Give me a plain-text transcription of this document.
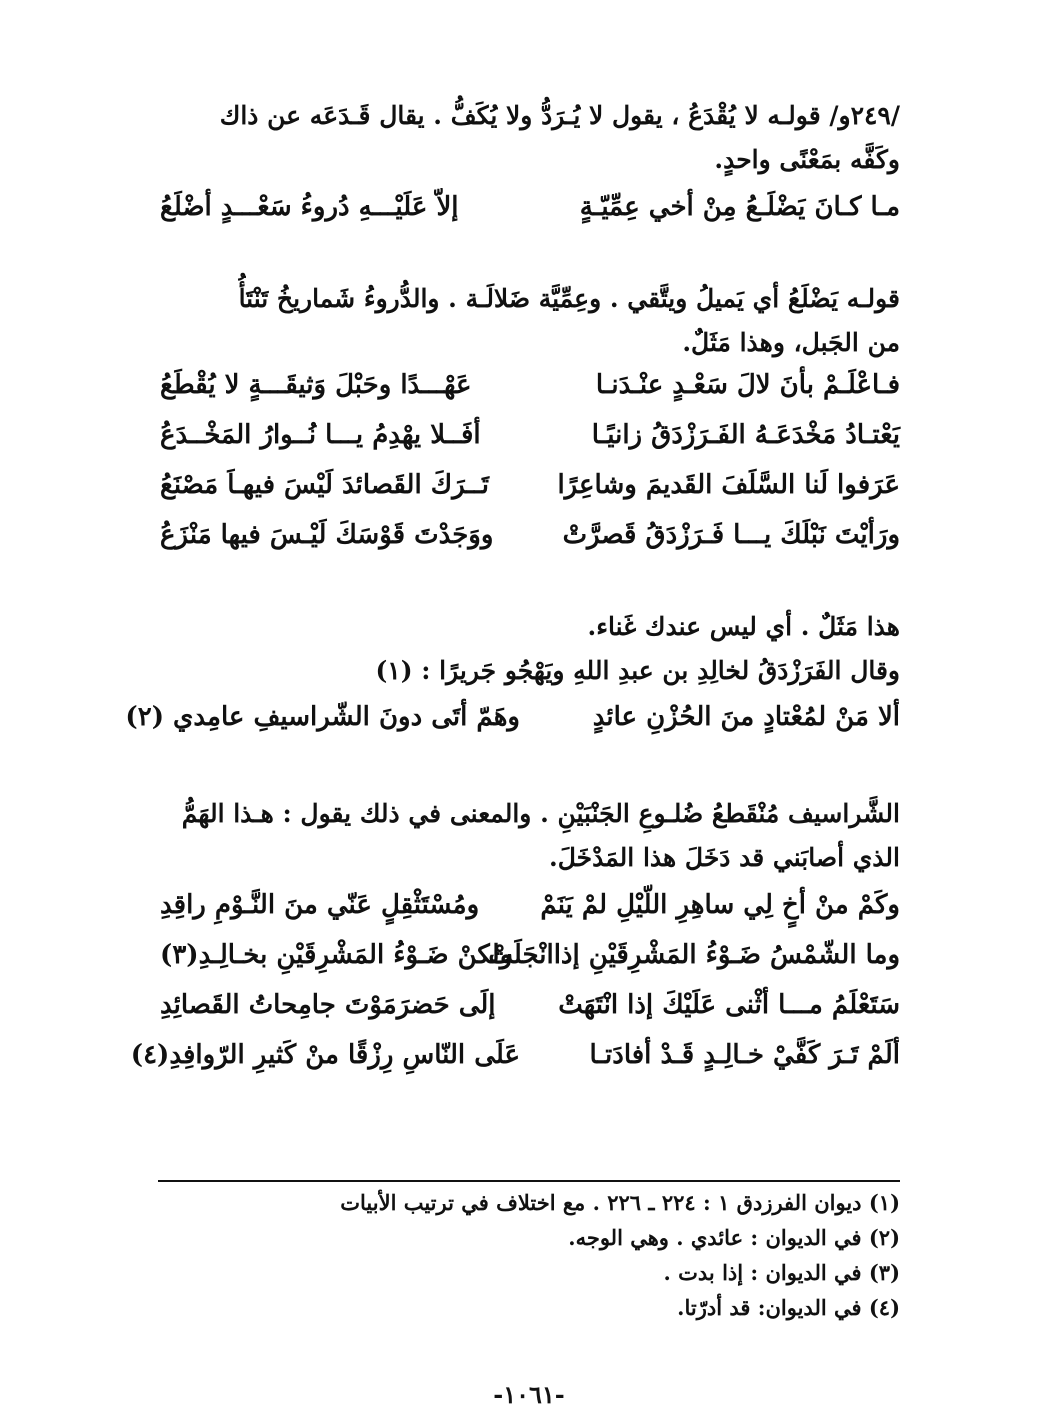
/٢٤٩و/ قولـه لا يُقْدَعُ ، يقول لا يُـرَدُّ ولا يُكَفُّ . يقال قَـدَعَه عن ذاك

وكَفَّه بمَعْنًى واحدٍ.

مـا كـانَ يَضْلَـعُ مِنْ أخي عِمِّيّـةٍ
إلاّ عَلَيْـــهِ دُروءُ سَعْـــدٍ أضْلَعُ

قولـه يَضْلَعُ أي يَميلُ ويتَّقي . وعِمِّيَّة ضَلالَـة . والدُّروءُ شَماريخُ تَنْتَأُ

من الجَبل، وهذا مَثَلٌ.

فـاعْلَـمْ بأنَ لالَ سَعْـدٍ عنْـدَنـا
عَهْـــدًا وحَبْلَ وَثيقَـــةٍ لا يُقْطَعُ
يَعْتـادُ مَخْدَعَـهُ الفَـرَزْدَقُ زانيًـا
أفَــلا يهْدِمُ يـــا نُــوارُ المَخْــدَعُ
عَرَفوا لَنا السَّلَفَ القَديمَ وشاعِرًا
تَــرَكَ القَصائدَ لَيْسَ فيهـاَ مَصْنَعُ
ورَأيْتَ نَبْلَكَ يـــا فَـرَزْدَقُ قَصرَّتْ
ووَجَدْتَ قَوْسَكَ لَيْـسَ فيها مَنْزَعُ

هذا مَثَلٌ . أي ليس عندك غَناء.

وقال الفَرَزْدَقُ لخالِدِ بن عبدِ اللهِ ويَهْجُو جَريرًا : (١)

ألا مَنْ لمُعْتادٍ منَ الحُزْنِ عائدٍ
وهَمّ أتَى دونَ الشّراسيفِ عامِدي (٢)

الشَّراسيف مُنْقَطعُ ضُلـوعِ الجَنْبَيْنِ . والمعنى في ذلك يقول : هـذا الهَمُّ

الذي أصابَني قد دَخَلَ هذا المَدْخَلَ.

وكَمْ منْ أخٍ لِي ساهِرِ اللّيْلِ لمْ يَنَمْ
ومُسْتَثْقِلٍ عَنّي منَ النَّـوْمِ راقِدِ
وما الشّمْسُ ضَـوْءُ المَشْرِقَيْنِ إذاانْجَلَتْ
ولكنْ ضَـوْءُ المَشْرِقَيْنِ بخـالِـدِ(٣)
سَتَعْلَمُ مـــا أثْنى عَلَيْكَ إذا انْتَهَتْ
إلَى حَضرَمَوْتَ جامِحاتُ القَصائِدِ
ألَمْ تَـرَ كَفَّيْ خـالِـدٍ قَـدْ أفادَتـا
عَلَى النّاسِ رِزْقًا منْ كَثيرِ الرّوافِدِ(٤)

(١) ديوان الفرزدق ١ : ٢٢٤ ـ ٢٢٦ . مع اختلاف في ترتيب الأبيات

(٢) في الديوان : عائدي . وهي الوجه.

(٣) في الديوان : إذا بدت .

(٤) في الديوان: قد أدرّتا.

-١٠٦١-
